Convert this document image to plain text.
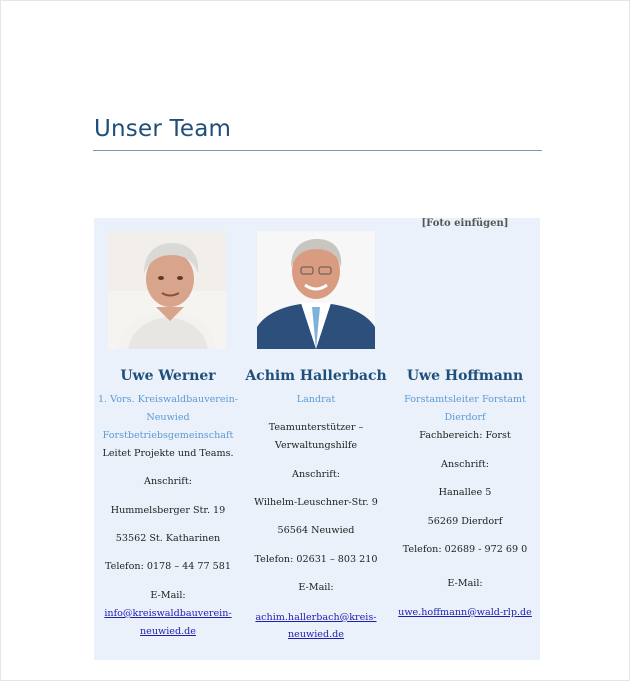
Unser Team
Uwe Werner
1. Vors. Kreiswaldbauverein-
Neuwied
Forstbetriebsgemeinschaft
Leitet Projekte und Teams.
Anschrift:
Hummelsberger Str. 19
53562 St. Katharinen
Telefon: 0178 – 44 77 581
E-Mail:
info@kreiswaldbauverein-
neuwied.de
Achim Hallerbach
Landrat
Teamunterstützer –
Verwaltungshilfe
Anschrift:
Wilhelm-Leuschner-Str. 9
56564 Neuwied
Telefon: 02631 – 803 210
E-Mail:
achim.hallerbach@kreis-
neuwied.de
[Foto einfügen]
Uwe Hoffmann
Forstamtsleiter Forstamt
Dierdorf
Fachbereich: Forst
Anschrift:
Hanallee 5
56269 Dierdorf
Telefon: 02689 - 972 69 0
E-Mail:
uwe.hoffmann@wald-rlp.de
